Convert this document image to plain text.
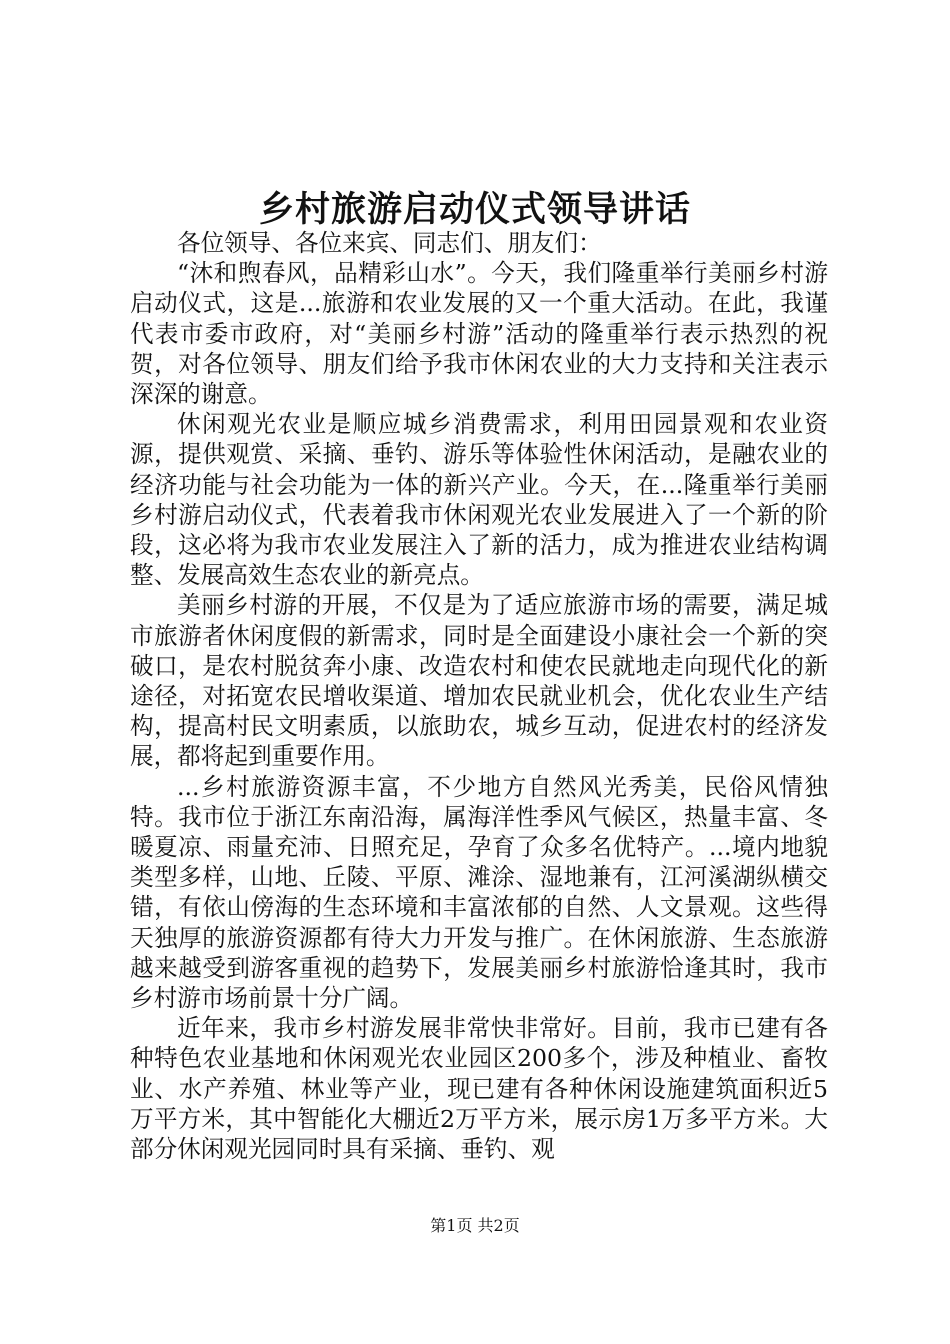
乡村旅游启动仪式领导讲话

各位领导、各位来宾、同志们、朋友们：

“沐和煦春风，品精彩山水”。今天，我们隆重举行美丽乡村游启动仪式，这是...旅游和农业发展的又一个重大活动。在此，我谨代表市委市政府，对“美丽乡村游”活动的隆重举行表示热烈的祝贺，对各位领导、朋友们给予我市休闲农业的大力支持和关注表示深深的谢意。

休闲观光农业是顺应城乡消费需求，利用田园景观和农业资源，提供观赏、采摘、垂钓、游乐等体验性休闲活动，是融农业的经济功能与社会功能为一体的新兴产业。今天，在...隆重举行美丽乡村游启动仪式，代表着我市休闲观光农业发展进入了一个新的阶段，这必将为我市农业发展注入了新的活力，成为推进农业结构调整、发展高效生态农业的新亮点。

美丽乡村游的开展，不仅是为了适应旅游市场的需要，满足城市旅游者休闲度假的新需求，同时是全面建设小康社会一个新的突破口，是农村脱贫奔小康、改造农村和使农民就地走向现代化的新途径，对拓宽农民增收渠道、增加农民就业机会，优化农业生产结构，提高村民文明素质，以旅助农，城乡互动，促进农村的经济发展，都将起到重要作用。

...乡村旅游资源丰富，不少地方自然风光秀美，民俗风情独特。我市位于浙江东南沿海，属海洋性季风气候区，热量丰富、冬暖夏凉、雨量充沛、日照充足，孕育了众多名优特产。...境内地貌类型多样，山地、丘陵、平原、滩涂、湿地兼有，江河溪湖纵横交错，有依山傍海的生态环境和丰富浓郁的自然、人文景观。这些得天独厚的旅游资源都有待大力开发与推广。在休闲旅游、生态旅游越来越受到游客重视的趋势下，发展美丽乡村旅游恰逢其时，我市乡村游市场前景十分广阔。

近年来，我市乡村游发展非常快非常好。目前，我市已建有各种特色农业基地和休闲观光农业园区200多个，涉及种植业、畜牧业、水产养殖、林业等产业，现已建有各种休闲设施建筑面积近5万平方米，其中智能化大棚近2万平方米，展示房1万多平方米。大部分休闲观光园同时具有采摘、垂钓、观

第1页 共2页
